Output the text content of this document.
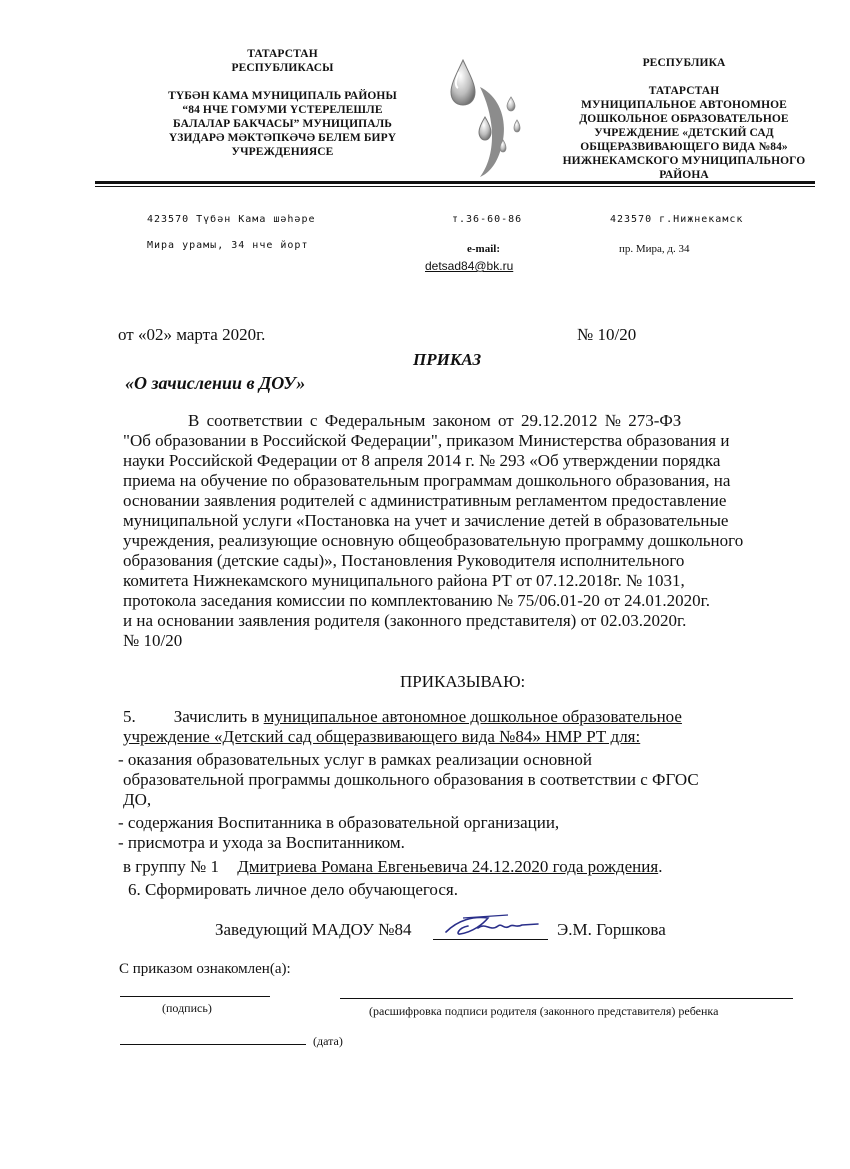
ТАТАРСТАН
РЕСПУБЛИКАСЫ
ТҮБӘН КАМА МУНИЦИПАЛЬ РАЙОНЫ
“84 НЧЕ ГОМУМИ ҮСТЕРЕЛЕШЛЕ
БАЛАЛАР БАКЧАСЫ” МУНИЦИПАЛЬ
ҮЗИДАРӘ МӘКТӘПКӘЧӘ БЕЛЕМ БИРҮ
УЧРЕЖДЕНИЯСЕ
РЕСПУБЛИКА
ТАТАРСТАН
МУНИЦИПАЛЬНОЕ АВТОНОМНОЕ
ДОШКОЛЬНОЕ ОБРАЗОВАТЕЛЬНОЕ
УЧРЕЖДЕНИЕ «ДЕТСКИЙ САД
ОБЩЕРАЗВИВАЮЩЕГО ВИДА №84»
НИЖНЕКАМСКОГО МУНИЦИПАЛЬНОГО
РАЙОНА
423570 Түбән Кама шәһәре
Мира урамы, 34 нче йорт
т.36-60-86
e-mail:
detsad84@bk.ru
423570 г.Нижнекамск
пр. Мира, д. 34
от «02» марта 2020г.	№ 10/20
ПРИКАЗ
«О зачислении в ДОУ»
В соответствии с Федеральным законом от 29.12.2012 № 273-ФЗ
"Об образовании в Российской Федерации", приказом Министерства образования и
науки Российской Федерации от 8 апреля 2014 г. № 293 «Об утверждении порядка
приема на обучение по образовательным программам дошкольного образования, на
основании заявления родителей с административным регламентом предоставление
муниципальной услуги «Постановка на учет и зачисление детей в образовательные
учреждения, реализующие основную общеобразовательную программу дошкольного
образования (детские сады)», Постановления Руководителя исполнительного
комитета Нижнекамского муниципального района РТ от 07.12.2018г. № 1031,
протокола заседания комиссии по комплектованию № 75/06.01-20 от 24.01.2020г.
и на основании заявления родителя (законного представителя) от 02.03.2020г.
№ 10/20
ПРИКАЗЫВАЮ:
5. Зачислить в муниципальное автономное дошкольное образовательное
учреждение «Детский сад общеразвивающего вида №84» НМР РТ для:
- оказания образовательных услуг в рамках реализации основной
образовательной программы дошкольного образования в соответствии с ФГОС
ДО,
- содержания Воспитанника в образовательной организации,
- присмотра и ухода за Воспитанником.
в группу № 1 Дмитриева Романа Евгеньевича 24.12.2020 года рождения.
6. Сформировать личное дело обучающегося.
Заведующий МАДОУ №84	Э.М. Горшкова
С приказом ознакомлен(а):
(подпись)	(расшифровка подписи родителя (законного представителя) ребенка
(дата)
